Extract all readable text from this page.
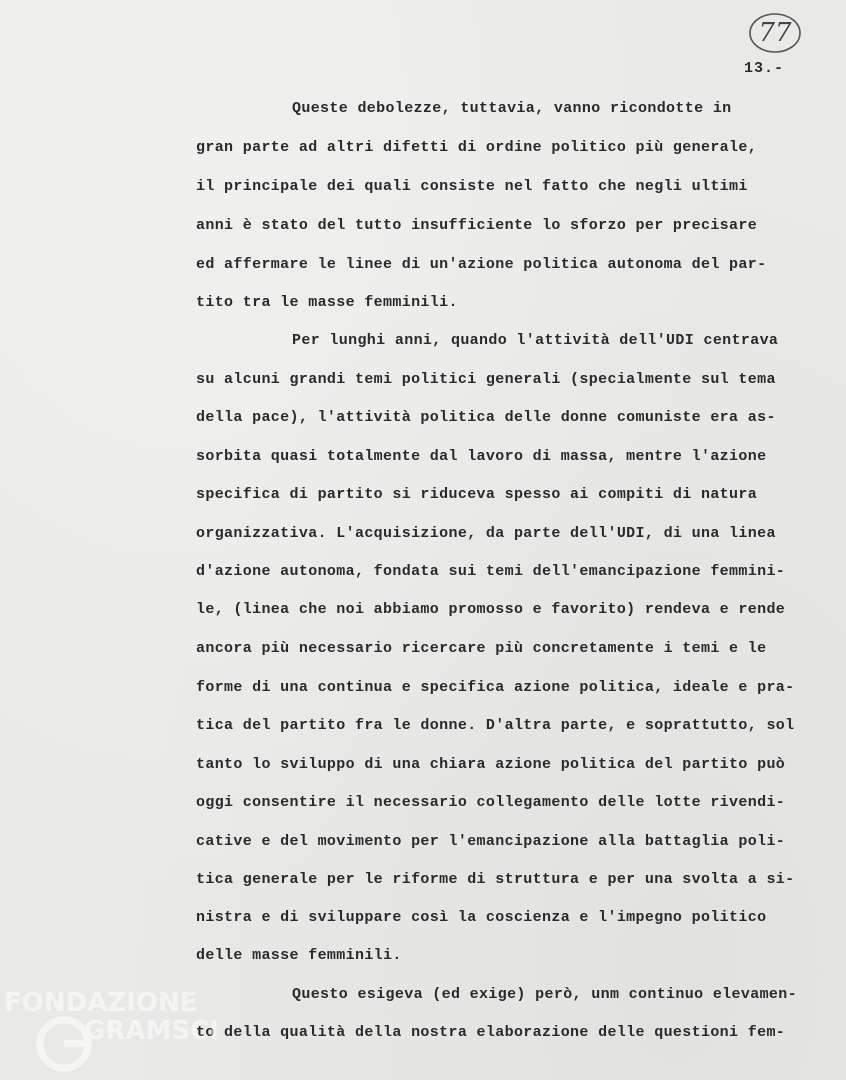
77
13.-
Queste debolezze, tuttavia, vanno ricondotte in
gran parte ad altri difetti di ordine politico più generale,
il principale dei quali consiste nel fatto che negli ultimi
anni è stato del tutto insufficiente lo sforzo per precisare
ed affermare le linee di un'azione politica autonoma del par-
tito tra le masse femminili.
Per lunghi anni, quando l'attività dell'UDI centrava
su alcuni grandi temi politici generali (specialmente sul tema
della pace), l'attività politica delle donne comuniste era as-
sorbita quasi totalmente dal lavoro di massa, mentre l'azione
specifica di partito si riduceva spesso ai compiti di natura
organizzativa. L'acquisizione, da parte dell'UDI, di una linea
d'azione autonoma, fondata sui temi dell'emancipazione femmini-
le, (linea che noi abbiamo promosso e favorito) rendeva e rende
ancora più necessario ricercare più concretamente i temi e le
forme di una continua e specifica azione politica, ideale e pra-
tica del partito fra le donne. D'altra parte, e soprattutto, sol
tanto lo sviluppo di una chiara azione politica del partito può
oggi consentire il necessario collegamento delle lotte rivendi-
cative e del movimento per l'emancipazione alla battaglia poli-
tica generale per le riforme di struttura e per una svolta a si-
nistra e di sviluppare così la coscienza e l'impegno politico
delle masse femminili.
Questo esigeva (ed exige) però, unm continuo elevamen-
to della qualità della nostra elaborazione delle questioni fem-
FONDAZIONE
GRAMSCI
